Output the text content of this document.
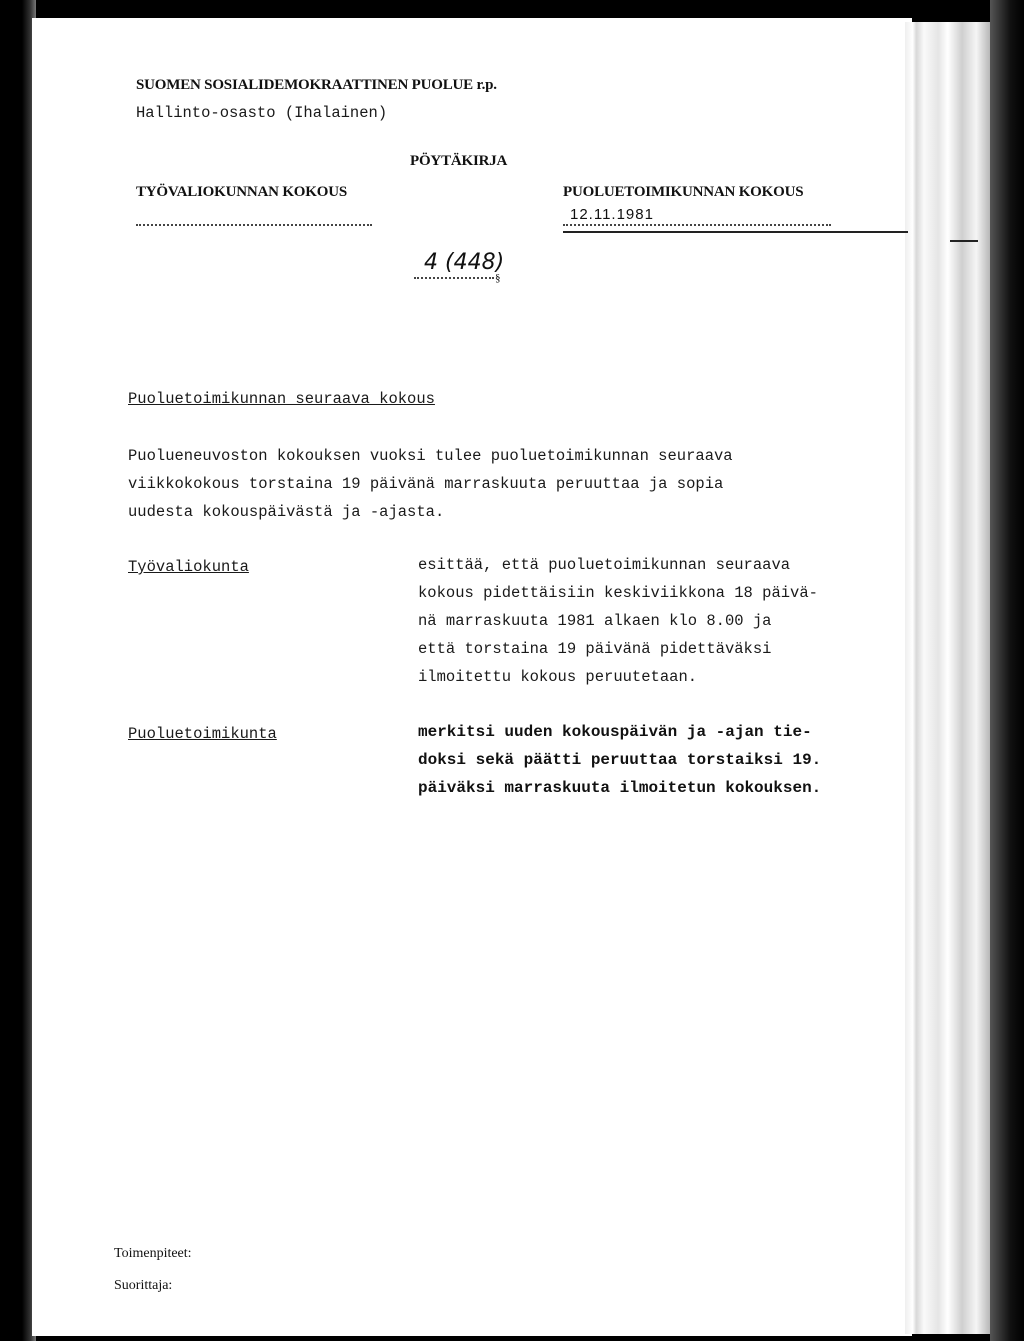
SUOMEN SOSIALIDEMOKRAATTINEN PUOLUE r.p.
Hallinto-osasto (Ihalainen)
PÖYTÄKIRJA
TYÖVALIOKUNNAN KOKOUS	PUOLUETOIMIKUNNAN KOKOUS
12.11.1981
4 (448)
§
Puoluetoimikunnan seuraava kokous
Puolueneuvoston kokouksen vuoksi tulee puoluetoimikunnan seuraava
viikkokokous torstaina 19 päivänä marraskuuta peruuttaa ja sopia
uudesta kokouspäivästä ja -ajasta.
Työvaliokunta	esittää, että puoluetoimikunnan seuraava
kokous pidettäisiin keskiviikkona 18 päivä-
nä marraskuuta 1981 alkaen klo 8.00 ja
että torstaina 19 päivänä pidettäväksi
ilmoitettu kokous peruutetaan.
Puoluetoimikunta	merkitsi uuden kokouspäivän ja -ajan tie-
doksi sekä päätti peruuttaa torstaiksi 19.
päiväksi marraskuuta ilmoitetun kokouksen.
Toimenpiteet:
Suorittaja:
